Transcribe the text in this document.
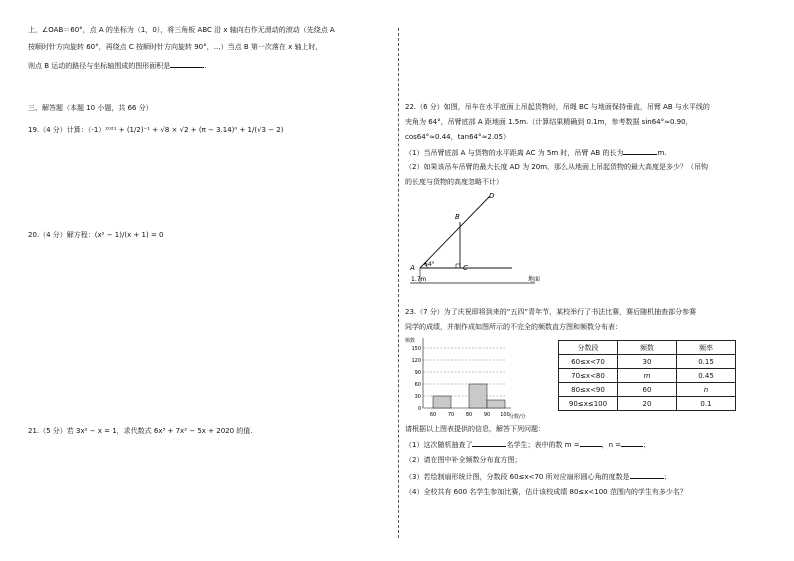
上，∠OAB＝60°，点 A 的坐标为（1，0），将三角板 ABC 沿 x 轴向右作无滑动的滚动（先绕点 A
按顺时针方向旋转 60°，再绕点 C 按顺时针方向旋转 90°，…）当点 B 第一次落在 x 轴上时，
则点 B 运动的路径与坐标轴围成的图形面积是	.
三、解答题（本题 10 小题，共 66 分）
19.（4 分）计算：（-1）²⁰²¹ + (1/2)⁻¹ + √8 × √2 + (π − 3.14)⁰ + 1/(√3 − 2)
20.（4 分）解方程：(x² − 1)/(x + 1) = 0
21.（5 分）若 3x² − x = 1，求代数式 6x³ + 7x² − 5x + 2020 的值.
22.（6 分）如图，吊车在水平底面上吊起货物时，吊绳 BC 与地面保持垂直，吊臂 AB 与水平线的
夹角为 64°，吊臂底部 A 距地面 1.5m.（计算结果精确到 0.1m，参考数据 sin64°≈0.90，
cos64°≈0.44，tan64°≈2.05）
（1）当吊臂底部 A 与货物的水平距离 AC 为 5m 时，吊臂 AB 的长为	m.
（2）如果该吊车吊臂的最大长度 AD 为 20m，那么从地面上吊起货物的最大高度是多少？（吊钩
的长度与货物的高度忽略不计）
D
B
A	C
64°
1.7m	地面
23.（7 分）为了庆祝即将到来的“五四”青年节，某校举行了书法比赛，赛后随机抽查部分参赛
同学的成绩，并制作成如图所示的不完全的频数直方图和频数分布表：
150
120
90
60
30
0
频数
分数/分
60 70 80 90 100
分数段	频数	频率
60≤x<70	30	0.15
70≤x<80	m	0.45
80≤x<90	60	n
90≤x≤100	20	0.1
请根据以上图表提供的信息，解答下列问题：
（1）这次随机抽查了	名学生；表中的数 m =	，n =	；
（2）请在图中补全频数分布直方图；
（3）若绘制扇形统计图，分数段 60≤x<70 所对应扇形圆心角的度数是	；
（4）全校共有 600 名学生参加比赛，估计该校成绩 80≤x<100 范围内的学生有多少名？
